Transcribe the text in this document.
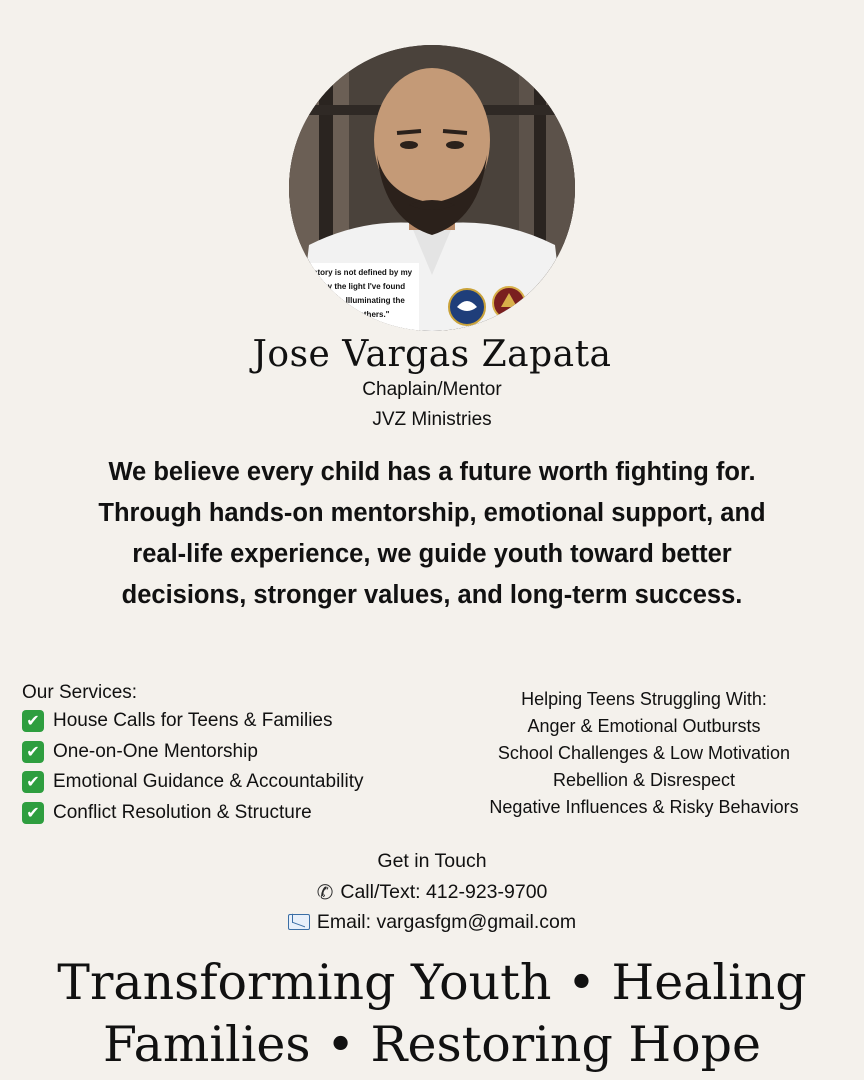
story is not defined by my
ut by the light I've found
tows. Illuminating the
others."
Jose Vargas Zapata
Chaplain/Mentor
JVZ Ministries
We believe every child has a future worth fighting for. Through hands-on mentorship, emotional support, and real-life experience, we guide youth toward better decisions, stronger values, and long-term success.
Our Services:
✔ House Calls for Teens & Families
✔ One-on-One Mentorship
✔ Emotional Guidance & Accountability
✔ Conflict Resolution & Structure
Helping Teens Struggling With:
Anger & Emotional Outbursts
School Challenges & Low Motivation
Rebellion & Disrespect
Negative Influences & Risky Behaviors
Get in Touch
✆ Call/Text: 412-923-9700
Email: vargasfgm@gmail.com
Transforming Youth • Healing
Families • Restoring Hope
